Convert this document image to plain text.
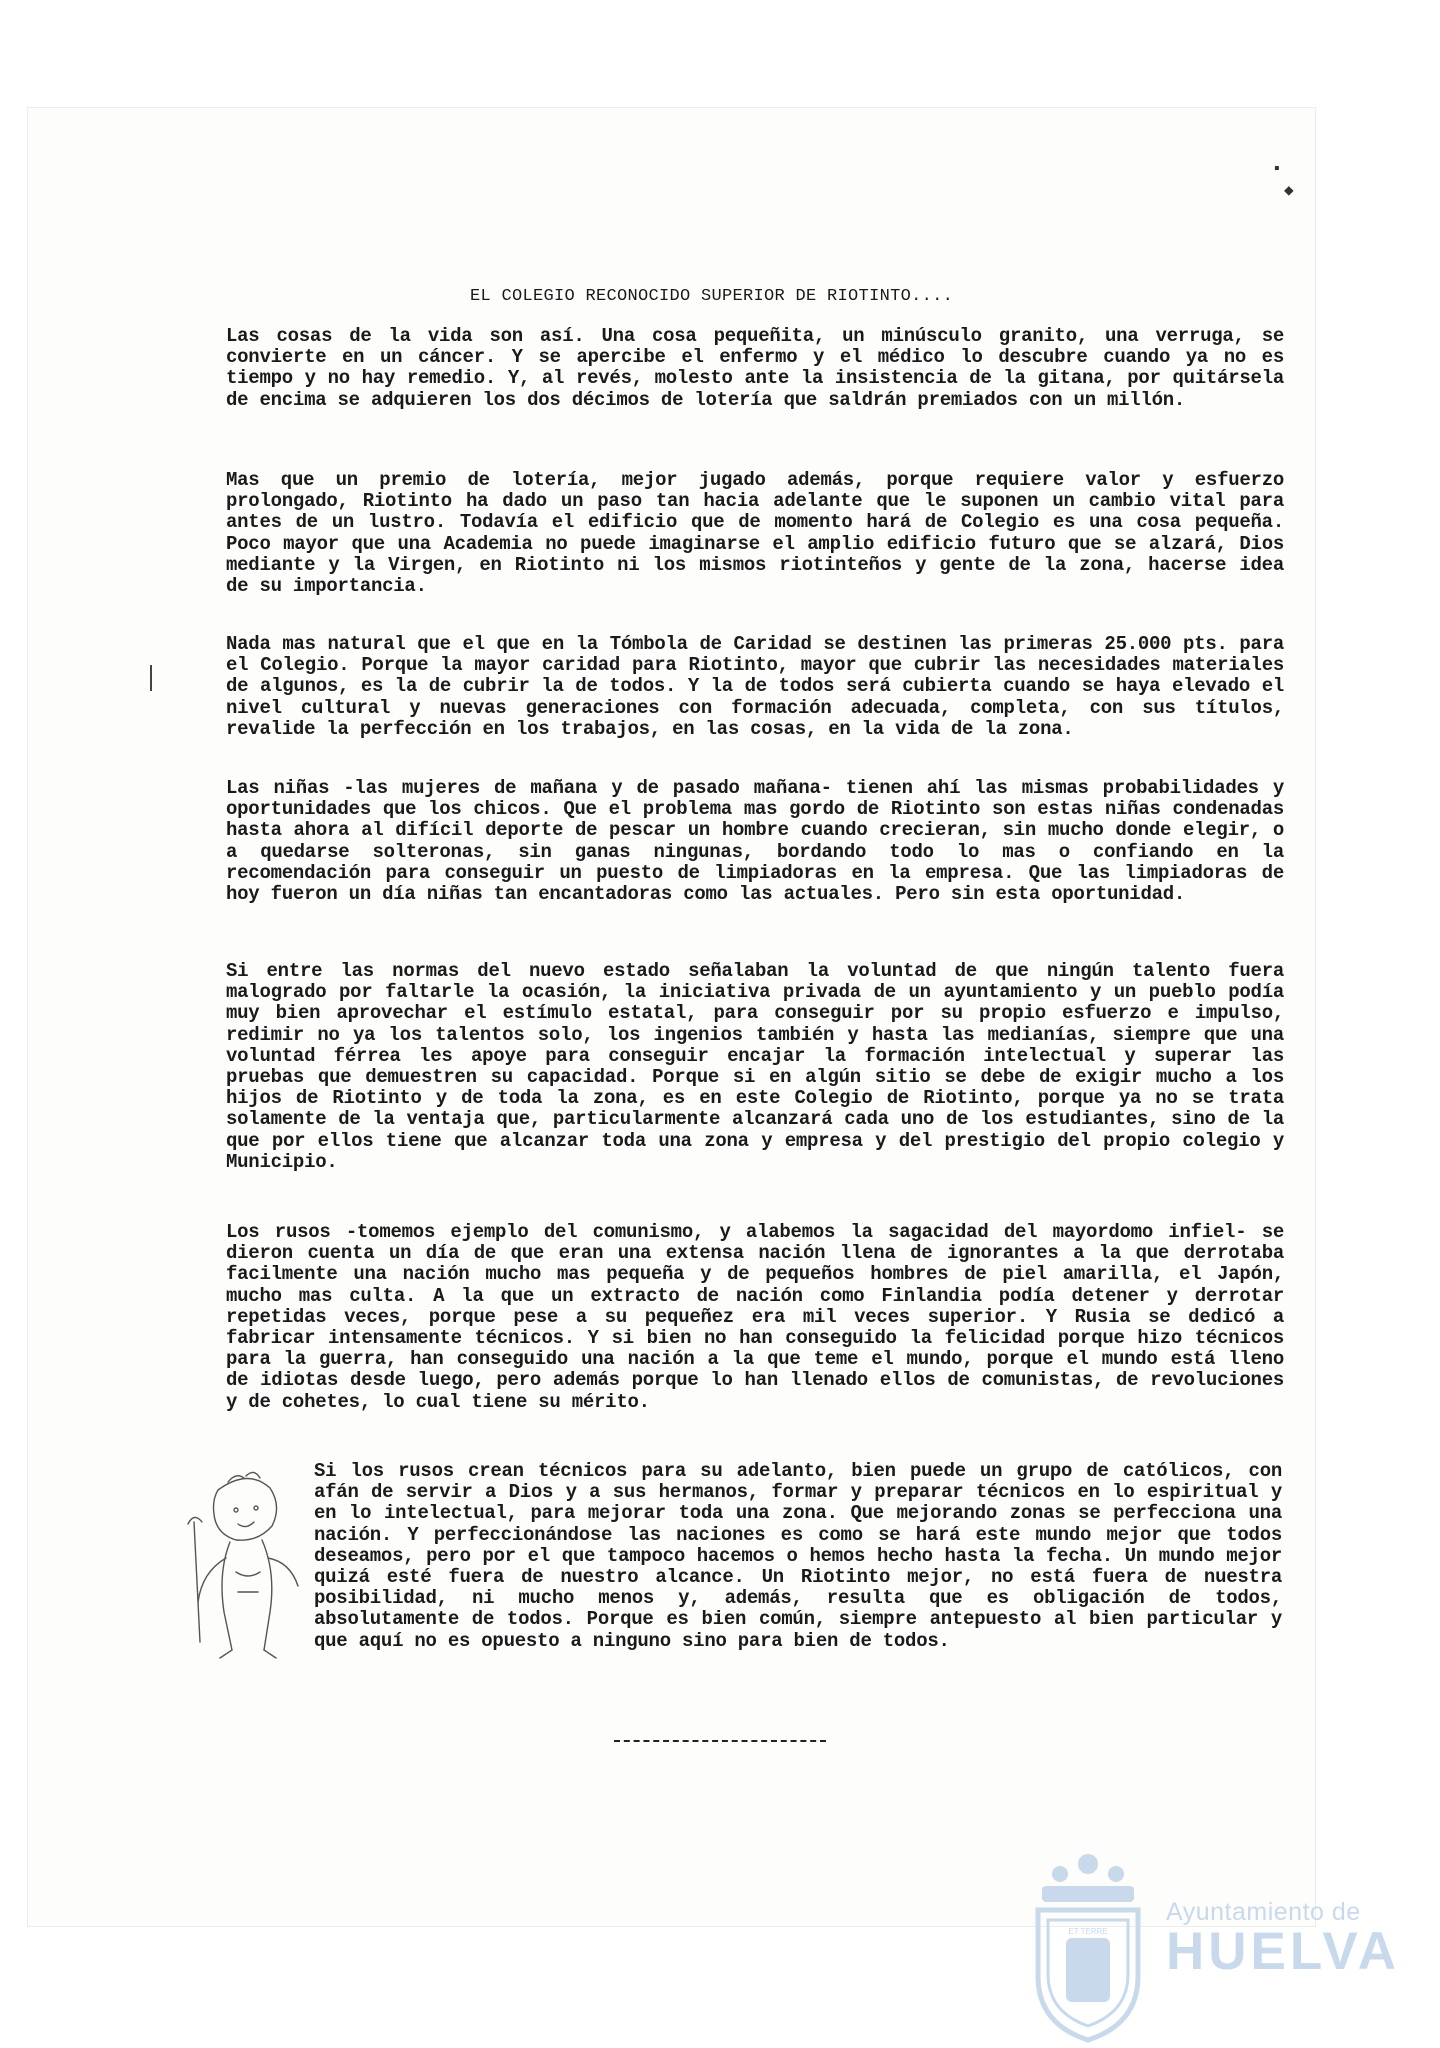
EL COLEGIO RECONOCIDO SUPERIOR DE RIOTINTO....
Las cosas de la vida son así. Una cosa pequeñita, un minúsculo granito, una verruga, se convierte en un cáncer. Y se apercibe el enfermo y el médico lo descubre cuando ya no es tiempo y no hay remedio. Y, al revés, molesto ante la insistencia de la gitana, por quitársela de encima se adquieren los dos décimos de lotería que saldrán premiados con un millón.
Mas que un premio de lotería, mejor jugado además, porque requiere valor y esfuerzo prolongado, Riotinto ha dado un paso tan hacia adelante que le suponen un cambio vital para antes de un lustro. Todavía el edificio que de momento hará de Colegio es una cosa pequeña. Poco mayor que una Academia no puede imaginarse el amplio edificio futuro que se alzará, Dios mediante y la Virgen, en Riotinto ni los mismos riotinteños y gente de la zona, hacerse idea de su importancia.
Nada mas natural que el que en la Tómbola de Caridad se destinen las primeras 25.000 pts. para el Colegio. Porque la mayor caridad para Riotinto, mayor que cubrir las necesidades materiales de algunos, es la de cubrir la de todos. Y la de todos será cubierta cuando se haya elevado el nivel cultural y nuevas generaciones con formación adecuada, completa, con sus títulos, revalide la perfección en los trabajos, en las cosas, en la vida de la zona.
Las niñas -las mujeres de mañana y de pasado mañana- tienen ahí las mismas probabilidades y oportunidades que los chicos. Que el problema mas gordo de Riotinto son estas niñas condenadas hasta ahora al difícil deporte de pescar un hombre cuando crecieran, sin mucho donde elegir, o a quedarse solteronas, sin ganas ningunas, bordando todo lo mas o confiando en la recomendación para conseguir un puesto de limpiadoras en la empresa. Que las limpiadoras de hoy fueron un día niñas tan encantadoras como las actuales. Pero sin esta oportunidad.
Si entre las normas del nuevo estado señalaban la voluntad de que ningún talento fuera malogrado por faltarle la ocasión, la iniciativa privada de un ayuntamiento y un pueblo podía muy bien aprovechar el estímulo estatal, para conseguir por su propio esfuerzo e impulso, redimir no ya los talentos solo, los ingenios también y hasta las medianías, siempre que una voluntad férrea les apoye para conseguir encajar la formación intelectual y superar las pruebas que demuestren su capacidad. Porque si en algún sitio se debe de exigir mucho a los hijos de Riotinto y de toda la zona, es en este Colegio de Riotinto, porque ya no se trata solamente de la ventaja que, particularmente alcanzará cada uno de los estudiantes, sino de la que por ellos tiene que alcanzar toda una zona y empresa y del prestigio del propio colegio y Municipio.
Los rusos -tomemos ejemplo del comunismo, y alabemos la sagacidad del mayordomo infiel- se dieron cuenta un día de que eran una extensa nación llena de ignorantes a la que derrotaba facilmente una nación mucho mas pequeña y de pequeños hombres de piel amarilla, el Japón, mucho mas culta. A la que un extracto de nación como Finlandia podía detener y derrotar repetidas veces, porque pese a su pequeñez era mil veces superior. Y Rusia se dedicó a fabricar intensamente técnicos. Y si bien no han conseguido la felicidad porque hizo técnicos para la guerra, han conseguido una nación a la que teme el mundo, porque el mundo está lleno de idiotas desde luego, pero además porque lo han llenado ellos de comunistas, de revoluciones y de cohetes, lo cual tiene su mérito.
Si los rusos crean técnicos para su adelanto, bien puede un grupo de católicos, con afán de servir a Dios y a sus hermanos, formar y preparar técnicos en lo espiritual y en lo intelectual, para mejorar toda una zona. Que mejorando zonas se perfecciona una nación. Y perfeccionándose las naciones es como se hará este mundo mejor que todos deseamos, pero por el que tampoco hacemos o hemos hecho hasta la fecha. Un mundo mejor quizá esté fuera de nuestro alcance. Un Riotinto mejor, no está fuera de nuestra posibilidad, ni mucho menos y, además, resulta que es obligación de todos, absolutamente de todos. Porque es bien común, siempre antepuesto al bien particular y que aquí no es opuesto a ninguno sino para bien de todos.
▪
◆
ET TERRE
Ayuntamiento de
HUELVA
